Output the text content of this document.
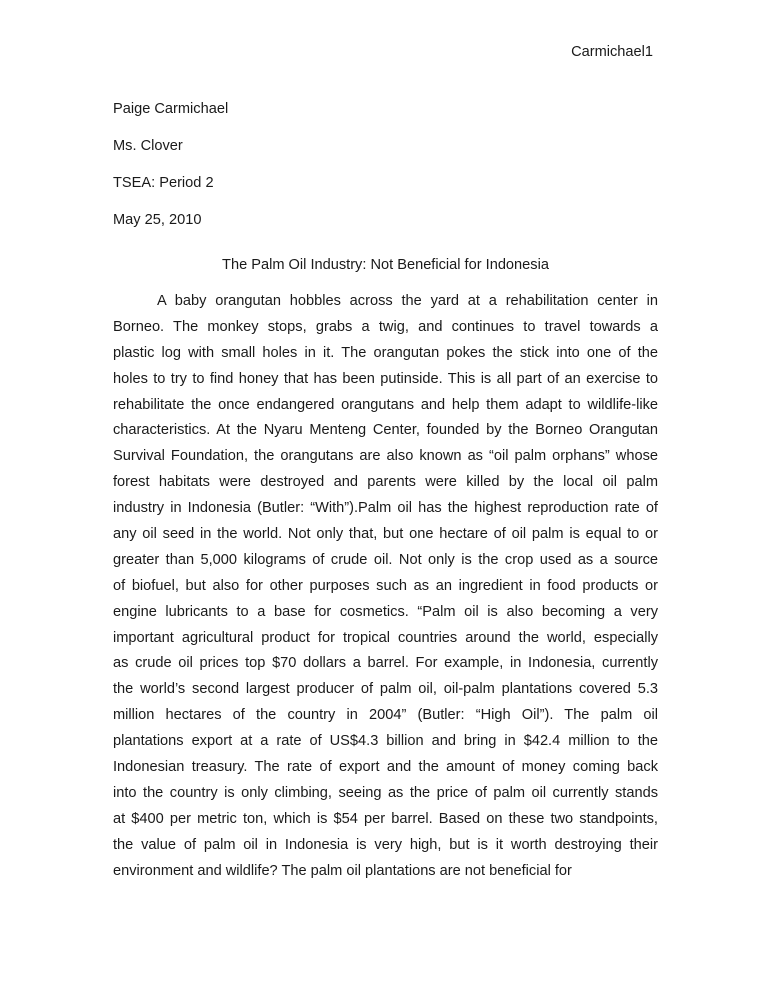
Carmichael1
Paige Carmichael
Ms. Clover
TSEA: Period 2
May 25, 2010
The Palm Oil Industry: Not Beneficial for Indonesia
A baby orangutan hobbles across the yard at a rehabilitation center in
Borneo. The monkey stops, grabs a twig, and continues to travel towards a
plastic log with small holes in it. The orangutan pokes the stick into one of the
holes to try to find honey that has been putinside. This is all part of an exercise to
rehabilitate the once endangered orangutans and help them adapt to wildlife-like
characteristics. At the Nyaru Menteng Center, founded by the Borneo Orangutan
Survival Foundation, the orangutans are also known as “oil palm orphans” whose
forest habitats were destroyed and parents were killed by the local oil palm
industry in Indonesia (Butler: “With”).Palm oil has the highest reproduction rate of
any oil seed in the world. Not only that, but one hectare of oil palm is equal to or
greater than 5,000 kilograms of crude oil. Not only is the crop used as a source
of biofuel, but also for other purposes such as an ingredient in food products or
engine lubricants to a base for cosmetics. “Palm oil is also becoming a very
important agricultural product for tropical countries around the world, especially
as crude oil prices top $70 dollars a barrel. For example, in Indonesia, currently
the world’s second largest producer of palm oil, oil-palm plantations covered 5.3
million hectares of the country in 2004” (Butler: “High Oil”). The palm oil
plantations export at a rate of US$4.3 billion and bring in $42.4 million to the
Indonesian treasury. The rate of export and the amount of money coming back
into the country is only climbing, seeing as the price of palm oil currently stands
at $400 per metric ton, which is $54 per barrel. Based on these two standpoints,
the value of palm oil in Indonesia is very high, but is it worth destroying their
environment and wildlife? The palm oil plantations are not beneficial for
